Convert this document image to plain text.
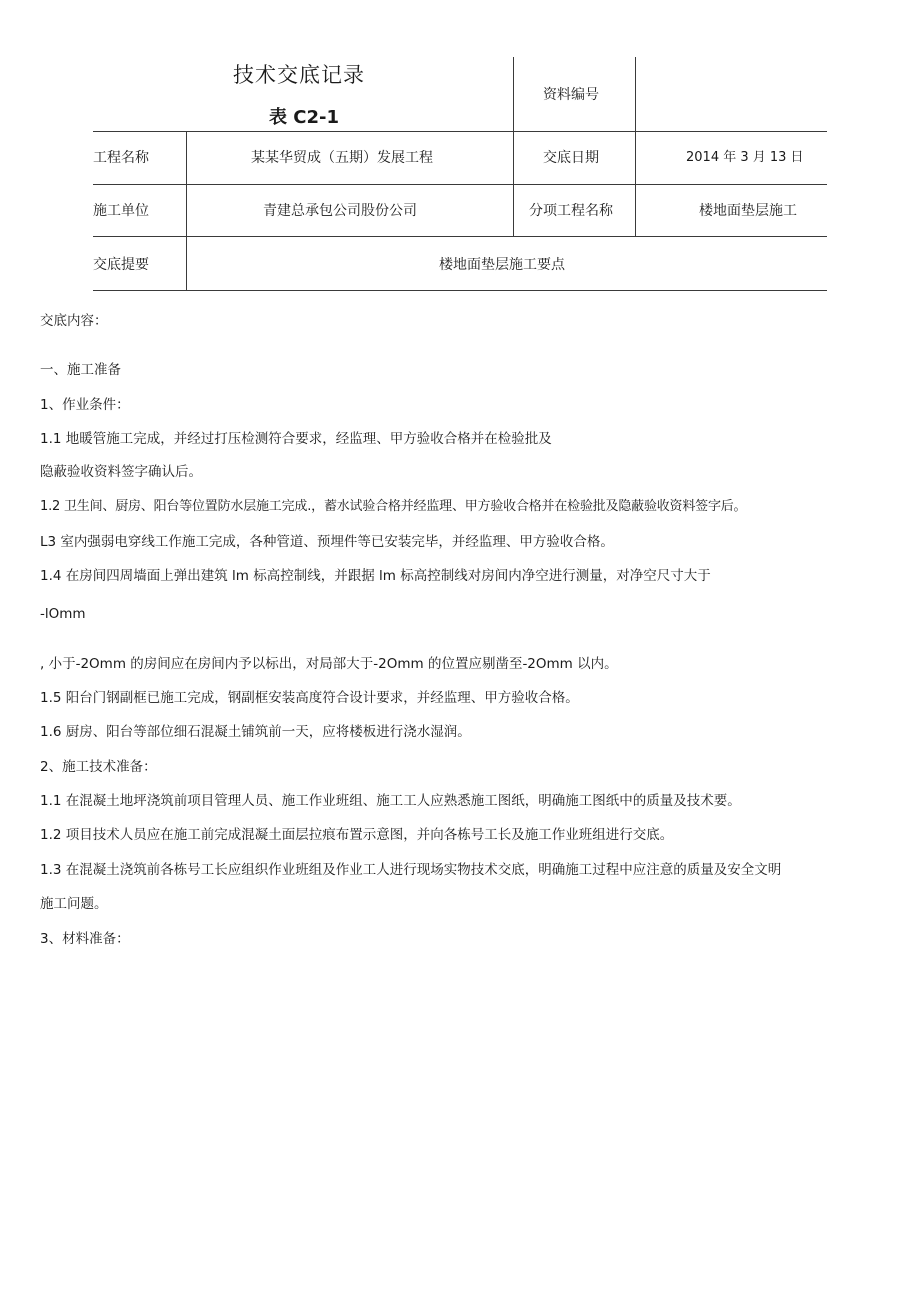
技术交底记录
表 C2-1
资料编号
工程名称	某某华贸成（五期）发展工程	交底日期	2014 年 3 月 13 日
施工单位	青建总承包公司股份公司	分项工程名称	楼地面垫层施工
交底提要	楼地面垫层施工要点
交底内容：
一、施工准备
1、作业条件：
1.1 地暖管施工完成，并经过打压检测符合要求，经监理、甲方验收合格并在检验批及
隐蔽验收资料签字确认后。
1.2 卫生间、厨房、阳台等位置防水层施工完成.，蓄水试验合格并经监理、甲方验收合格并在检验批及隐蔽验收资料签字后。
L3 室内强弱电穿线工作施工完成，各种管道、预埋件等已安装完毕，并经监理、甲方验收合格。
1.4 在房间四周墙面上弹出建筑 lm 标高控制线，并跟据 lm 标高控制线对房间内净空进行测量，对净空尺寸大于
-lOmm
, 小于-2Omm 的房间应在房间内予以标出，对局部大于-2Omm 的位置应剔凿至-2Omm 以内。
1.5 阳台门钢副框已施工完成，钢副框安装高度符合设计要求，并经监理、甲方验收合格。
1.6 厨房、阳台等部位细石混凝土铺筑前一天，应将楼板进行浇水湿润。
2、施工技术准备：
1.1 在混凝土地坪浇筑前项目管理人员、施工作业班组、施工工人应熟悉施工图纸，明确施工图纸中的质量及技术要。
1.2 项目技术人员应在施工前完成混凝土面层拉痕布置示意图，并向各栋号工长及施工作业班组进行交底。
1.3 在混凝土浇筑前各栋号工长应组织作业班组及作业工人进行现场实物技术交底，明确施工过程中应注意的质量及安全文明
施工问题。
3、材料准备：
